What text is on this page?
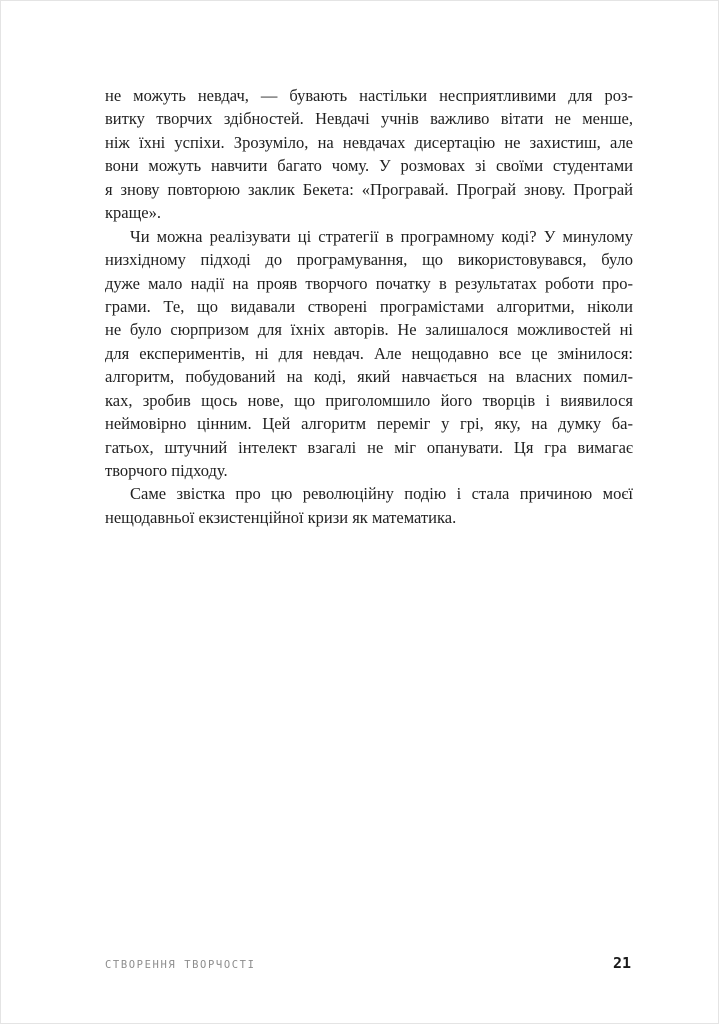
не можуть невдач, — бувають настільки несприятливими для роз-
витку творчих здібностей. Невдачі учнів важливо вітати не менше,
ніж їхні успіхи. Зрозуміло, на невдачах дисертацію не захистиш, але
вони можуть навчити багато чому. У розмовах зі своїми студентами
я знову повторюю заклик Бекета: «Програвай. Програй знову. Програй
краще».
Чи можна реалізувати ці стратегії в програмному коді? У минулому
низхідному підході до програмування, що використовувався, було
дуже мало надії на прояв творчого початку в результатах роботи про-
грами. Те, що видавали створені програмістами алгоритми, ніколи
не було сюрпризом для їхніх авторів. Не залишалося можливостей ні
для експериментів, ні для невдач. Але нещодавно все це змінилося:
алгоритм, побудований на коді, який навчається на власних помил-
ках, зробив щось нове, що приголомшило його творців і виявилося
неймовірно цінним. Цей алгоритм переміг у грі, яку, на думку ба-
гатьох, штучний інтелект взагалі не міг опанувати. Ця гра вимагає
творчого підходу.
Саме звістка про цю революційну подію і стала причиною моєї
нещодавньої екзистенційної кризи як математика.
СТВОРЕННЯ ТВОРЧОСТІ	21
